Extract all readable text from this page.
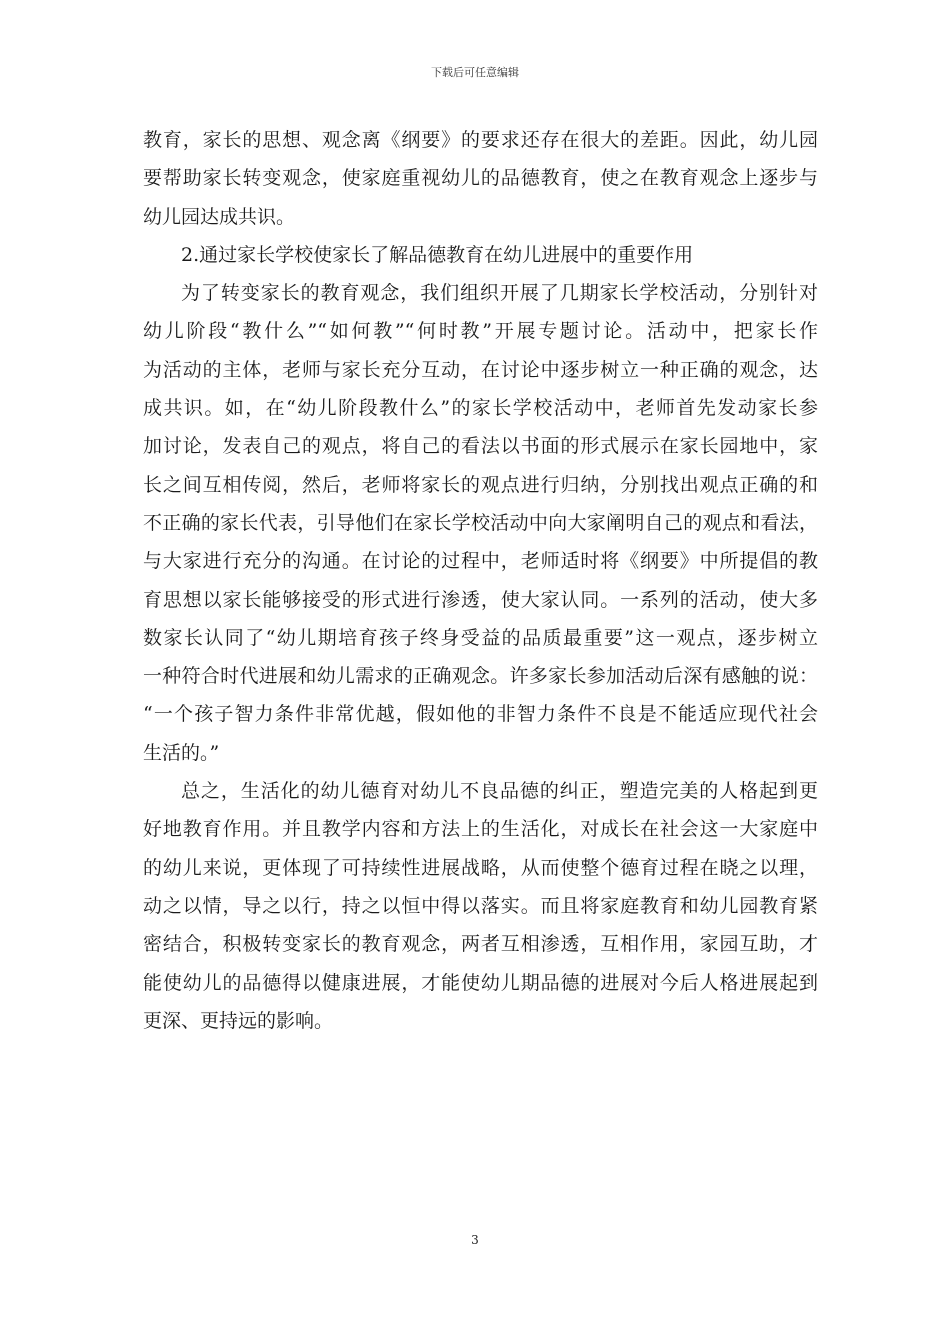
下载后可任意编辑
教育，家长的思想、观念离《纲要》的要求还存在很大的差距。因此，幼儿园
要帮助家长转变观念，使家庭重视幼儿的品德教育，使之在教育观念上逐步与
幼儿园达成共识。
2.通过家长学校使家长了解品德教育在幼儿进展中的重要作用
为了转变家长的教育观念，我们组织开展了几期家长学校活动，分别针对
幼儿阶段“教什么”“如何教”“何时教”开展专题讨论。活动中，把家长作
为活动的主体，老师与家长充分互动，在讨论中逐步树立一种正确的观念，达
成共识。如，在“幼儿阶段教什么”的家长学校活动中，老师首先发动家长参
加讨论，发表自己的观点，将自己的看法以书面的形式展示在家长园地中，家
长之间互相传阅，然后，老师将家长的观点进行归纳，分别找出观点正确的和
不正确的家长代表，引导他们在家长学校活动中向大家阐明自己的观点和看法，
与大家进行充分的沟通。在讨论的过程中，老师适时将《纲要》中所提倡的教
育思想以家长能够接受的形式进行渗透，使大家认同。一系列的活动，使大多
数家长认同了“幼儿期培育孩子终身受益的品质最重要”这一观点，逐步树立
一种符合时代进展和幼儿需求的正确观念。许多家长参加活动后深有感触的说：
“一个孩子智力条件非常优越，假如他的非智力条件不良是不能适应现代社会
生活的。”
总之，生活化的幼儿德育对幼儿不良品德的纠正，塑造完美的人格起到更
好地教育作用。并且教学内容和方法上的生活化，对成长在社会这一大家庭中
的幼儿来说，更体现了可持续性进展战略，从而使整个德育过程在晓之以理，
动之以情，导之以行，持之以恒中得以落实。而且将家庭教育和幼儿园教育紧
密结合，积极转变家长的教育观念，两者互相渗透，互相作用，家园互助，才
能使幼儿的品德得以健康进展，才能使幼儿期品德的进展对今后人格进展起到
更深、更持远的影响。
3
